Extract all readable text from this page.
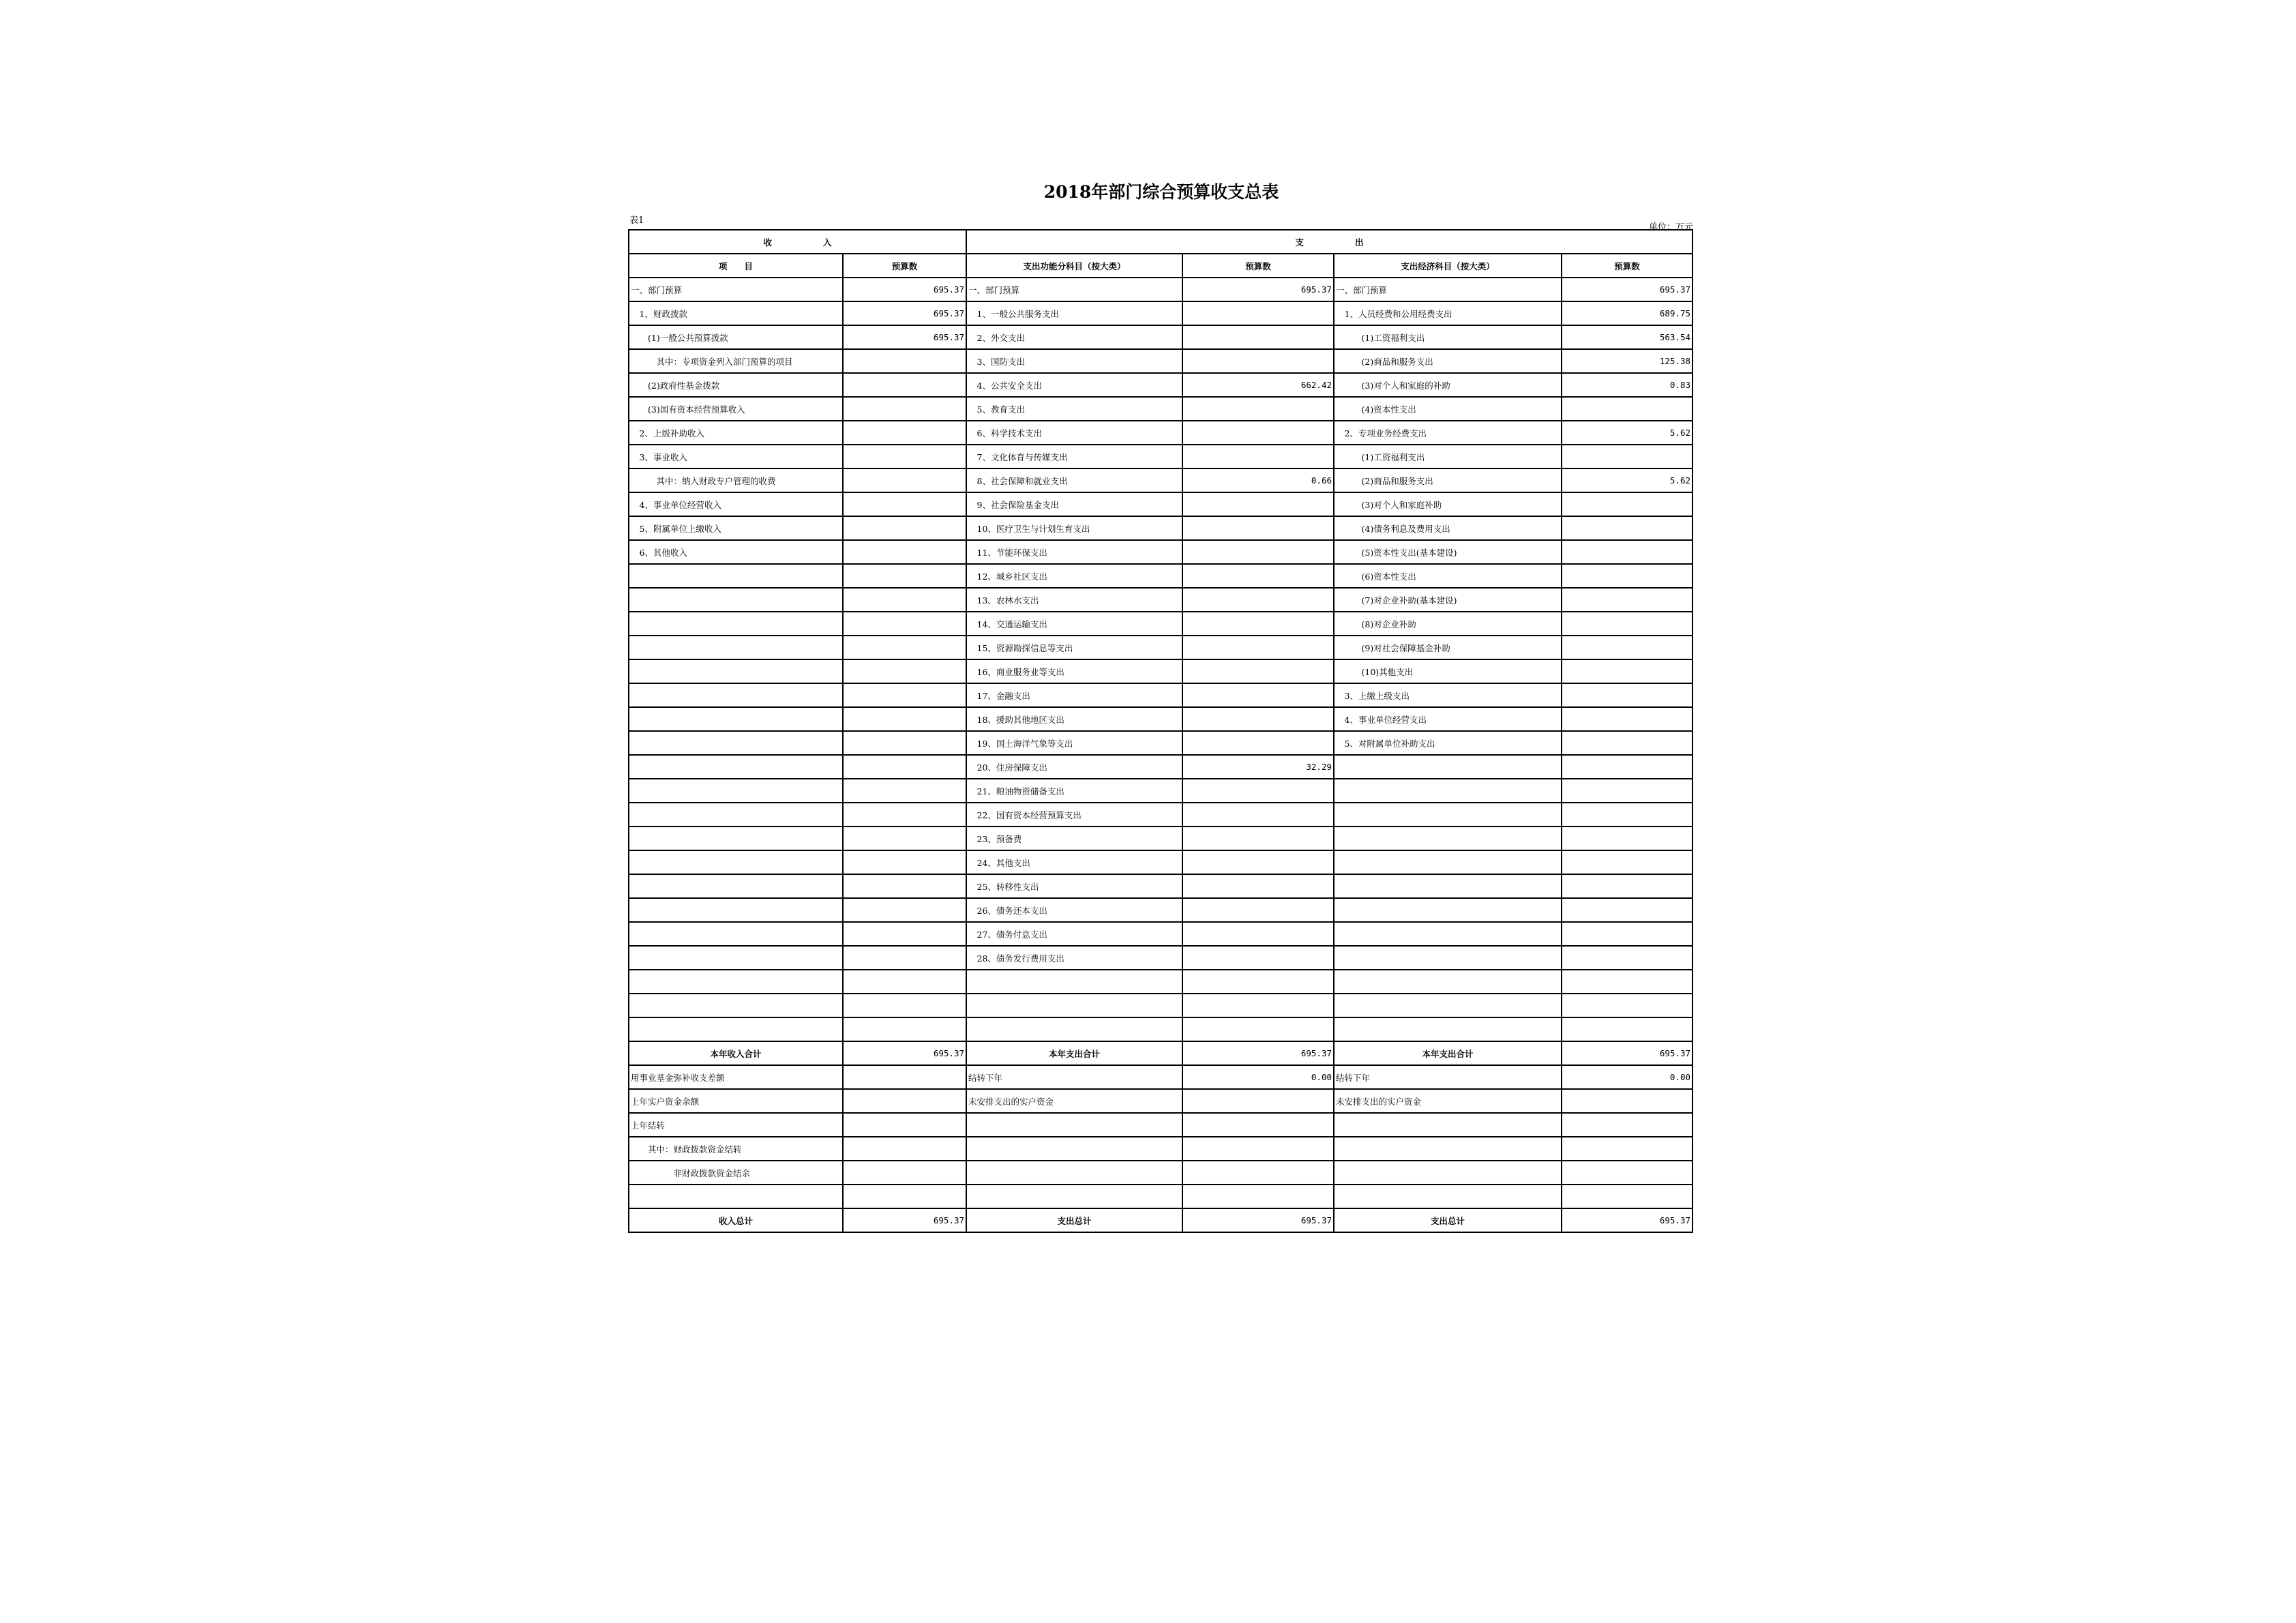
2018年部门综合预算收支总表
表1
单位：万元
收　　　　　　入		支　　　　　　出			
项　　目	预算数	支出功能分科目（按大类）	预算数	支出经济科目（按大类）	预算数
一、部门预算	695.37	一、部门预算	695.37	一、部门预算	695.37
　1、财政拨款	695.37	　1、一般公共服务支出		　1、人员经费和公用经费支出	689.75
　　(1)一般公共预算拨款	695.37	　2、外交支出		　　　(1)工资福利支出	563.54
　　　其中：专项资金列入部门预算的项目		　3、国防支出		　　　(2)商品和服务支出	125.38
　　(2)政府性基金拨款		　4、公共安全支出	662.42	　　　(3)对个人和家庭的补助	0.83
　　(3)国有资本经营预算收入		　5、教育支出		　　　(4)资本性支出	
　2、上级补助收入		　6、科学技术支出		　2、专项业务经费支出	5.62
　3、事业收入		　7、文化体育与传媒支出		　　　(1)工资福利支出	
　　　其中：纳入财政专户管理的收费		　8、社会保障和就业支出	0.66	　　　(2)商品和服务支出	5.62
　4、事业单位经营收入		　9、社会保险基金支出		　　　(3)对个人和家庭补助	
　5、附属单位上缴收入		　10、医疗卫生与计划生育支出		　　　(4)债务利息及费用支出	
　6、其他收入		　11、节能环保支出		　　　(5)资本性支出(基本建设)	
		　12、城乡社区支出		　　　(6)资本性支出	
		　13、农林水支出		　　　(7)对企业补助(基本建设)	
		　14、交通运输支出		　　　(8)对企业补助	
		　15、资源勘探信息等支出		　　　(9)对社会保障基金补助	
		　16、商业服务业等支出		　　　(10)其他支出	
		　17、金融支出		　3、上缴上级支出	
		　18、援助其他地区支出		　4、事业单位经营支出	
		　19、国土海洋气象等支出		　5、对附属单位补助支出	
		　20、住房保障支出	32.29		
		　21、粮油物资储备支出			
		　22、国有资本经营预算支出			
		　23、预备费			
		　24、其他支出			
		　25、转移性支出			
		　26、债务还本支出			
		　27、债务付息支出			
		　28、债务发行费用支出			

本年收入合计	695.37	本年支出合计	695.37	本年支出合计	695.37
用事业基金弥补收支差额		结转下年	0.00	结转下年	0.00
上年实户资金余额		未安排支出的实户资金		未安排支出的实户资金	
上年结转					
　　其中：财政拨款资金结转					
　　　　　非财政拨款资金结余					

收入总计	695.37	支出总计	695.37	支出总计	695.37
